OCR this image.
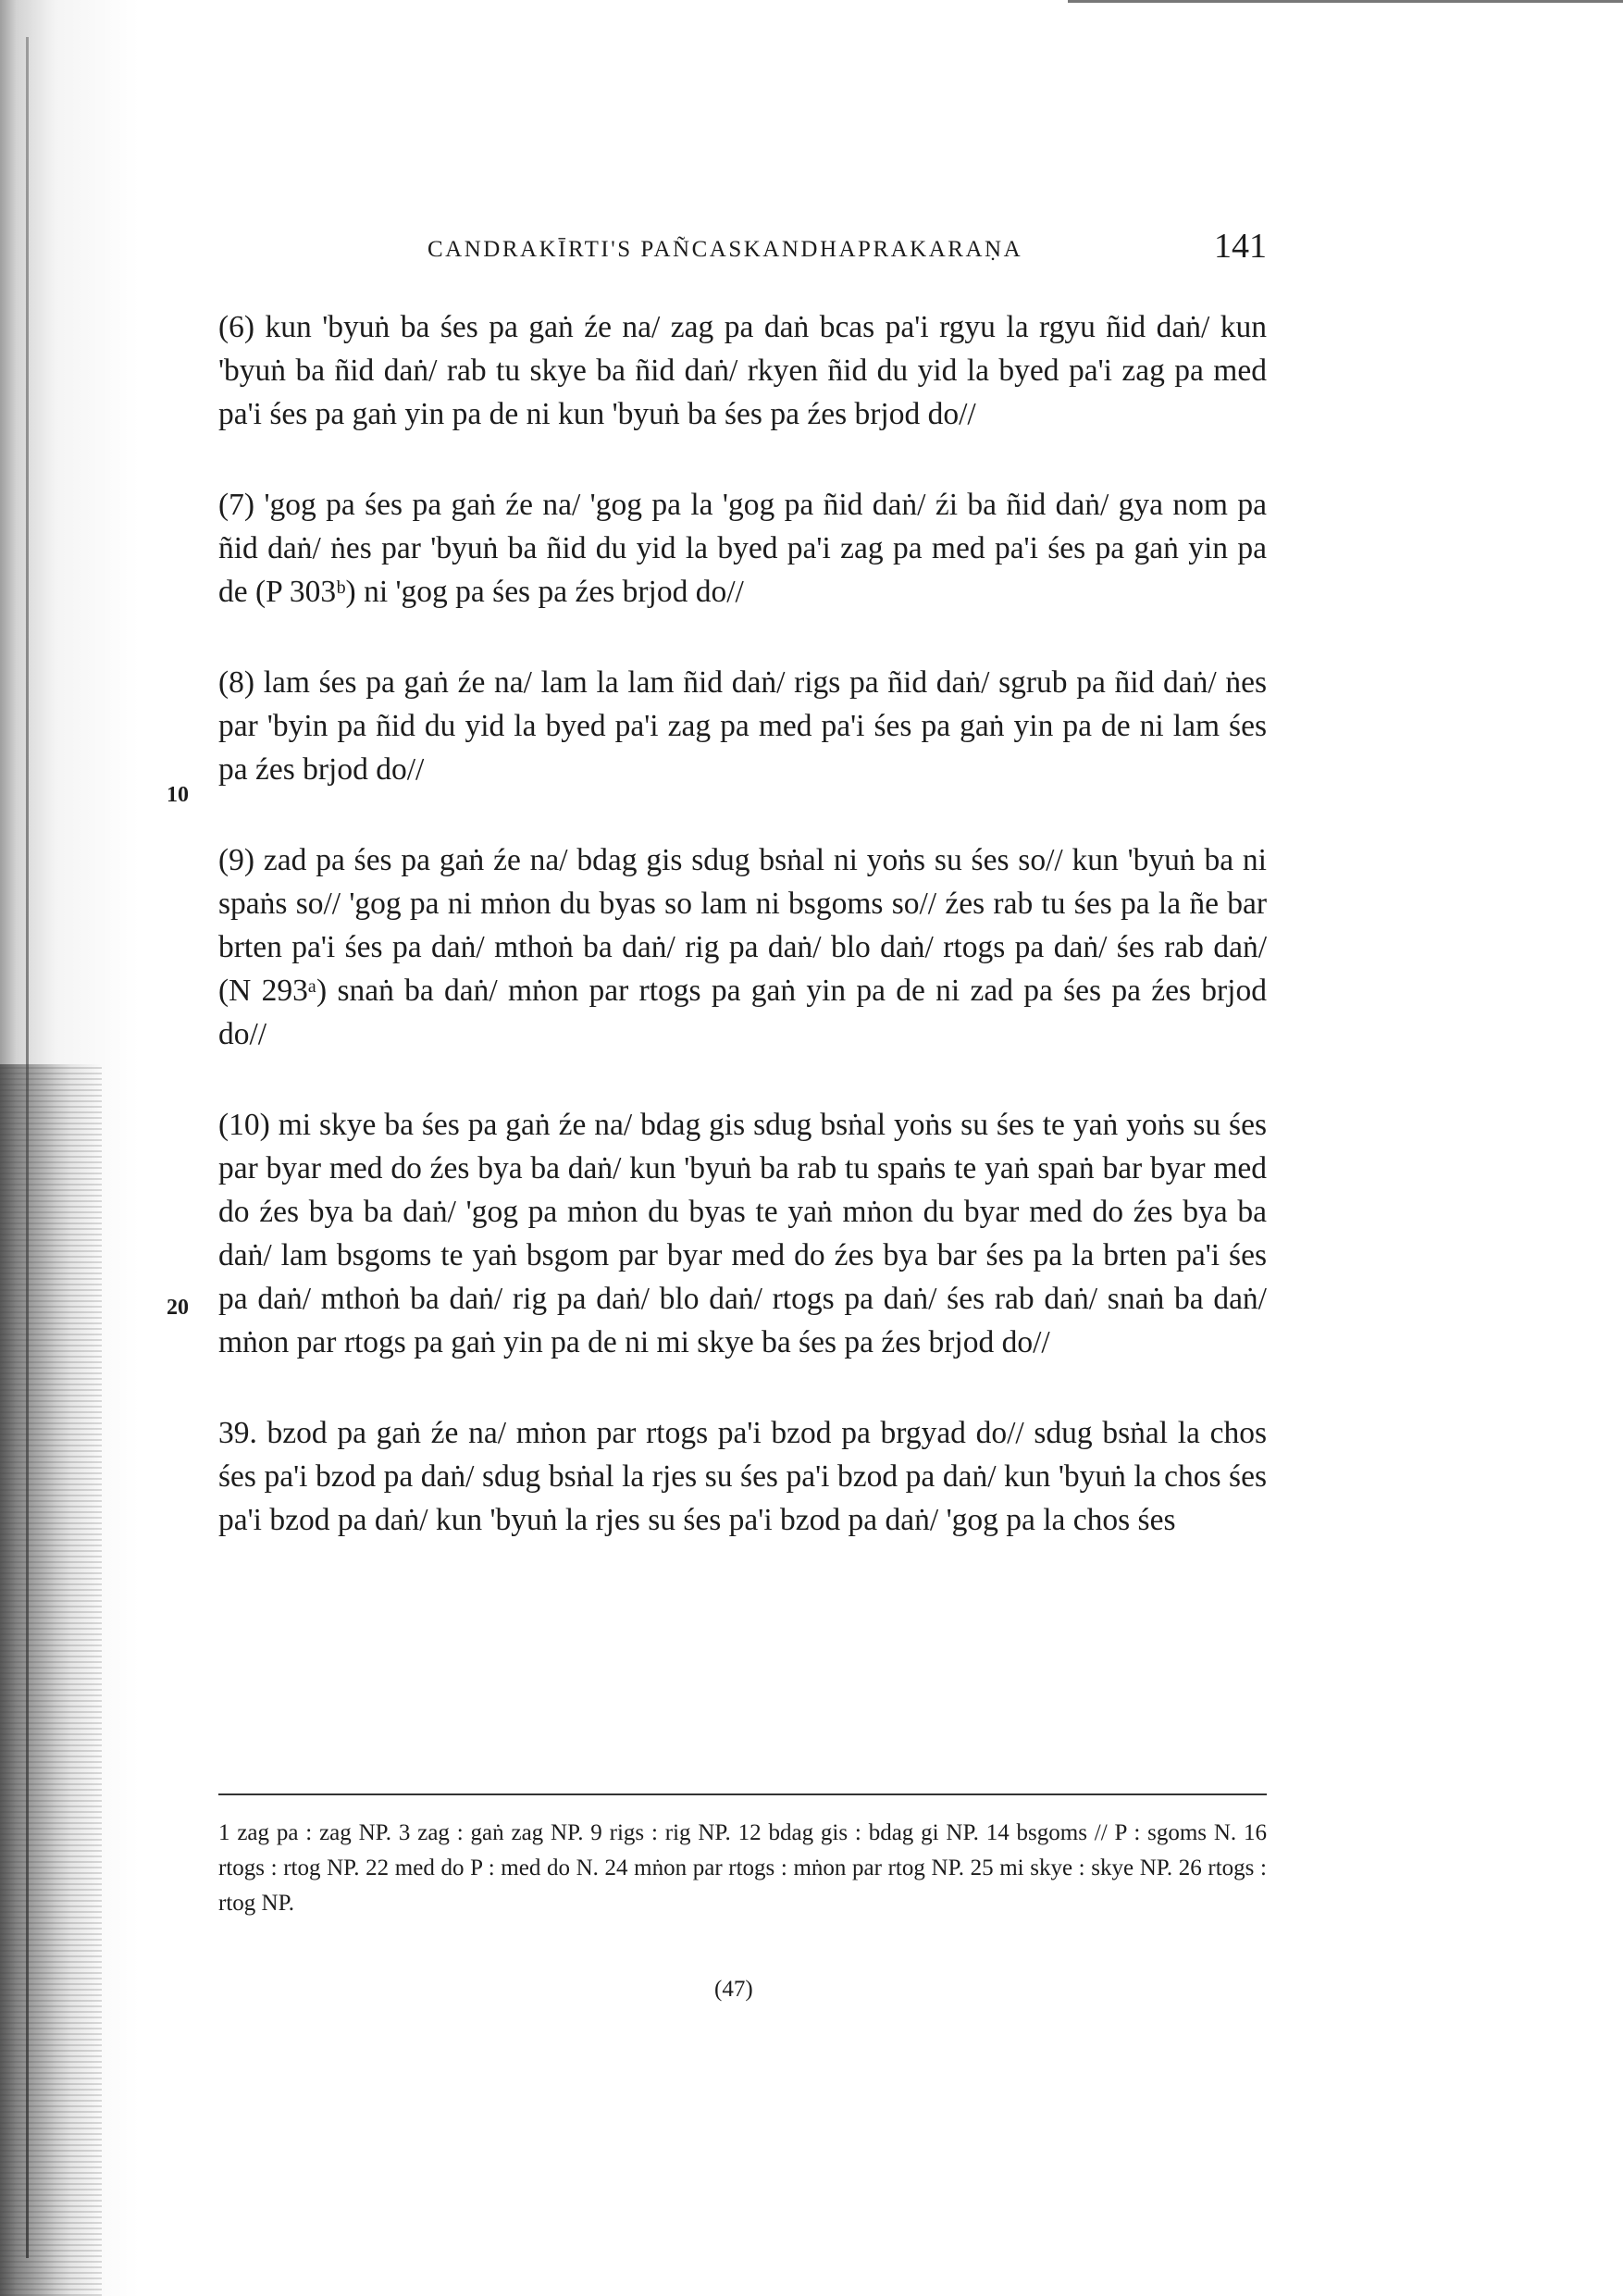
CANDRAKĪRTI'S PAÑCASKANDHAPRAKARAṆA	141

(6) kun 'byuṅ ba śes pa gaṅ źe na/ zag pa daṅ bcas pa'i rgyu la rgyu ñid daṅ/ kun 'byuṅ ba ñid daṅ/ rab tu skye ba ñid daṅ/ rkyen ñid du yid la byed pa'i zag pa med pa'i śes pa gaṅ yin pa de ni kun 'byuṅ ba śes pa źes brjod do//

(7) 'gog pa śes pa gaṅ źe na/ 'gog pa la 'gog pa ñid daṅ/ źi ba ñid daṅ/ gya nom pa ñid daṅ/ ṅes par 'byuṅ ba ñid du yid la byed pa'i zag pa med pa'i śes pa gaṅ yin pa de (P 303ᵇ) ni 'gog pa śes pa źes brjod do//

(8) lam śes pa gaṅ źe na/ lam la lam ñid daṅ/ rigs pa ñid daṅ/ sgrub pa ñid daṅ/ ṅes par 'byin pa ñid du yid la byed pa'i zag pa med pa'i śes pa gaṅ yin pa de ni lam śes pa źes brjod do//

(9) zad pa śes pa gaṅ źe na/ bdag gis sdug bsṅal ni yoṅs su śes so// kun 'byuṅ ba ni spaṅs so// 'gog pa ni mṅon du byas so lam ni bsgoms so// źes rab tu śes pa la ñe bar brten pa'i śes pa daṅ/ mthoṅ ba daṅ/ rig pa daṅ/ blo daṅ/ rtogs pa daṅ/ śes rab daṅ/ (N 293ᵃ) snaṅ ba daṅ/ mṅon par rtogs pa gaṅ yin pa de ni zad pa śes pa źes brjod do//

(10) mi skye ba śes pa gaṅ źe na/ bdag gis sdug bsṅal yoṅs su śes te yaṅ yoṅs su śes par byar med do źes bya ba daṅ/ kun 'byuṅ ba rab tu spaṅs te yaṅ spaṅ bar byar med do źes bya ba daṅ/ 'gog pa mṅon du byas te yaṅ mṅon du byar med do źes bya ba daṅ/ lam bsgoms te yaṅ bsgom par byar med do źes bya bar śes pa la brten pa'i śes pa daṅ/ mthoṅ ba daṅ/ rig pa daṅ/ blo daṅ/ rtogs pa daṅ/ śes rab daṅ/ snaṅ ba daṅ/ mṅon par rtogs pa gaṅ yin pa de ni mi skye ba śes pa źes brjod do//

39. bzod pa gaṅ źe na/ mṅon par rtogs pa'i bzod pa brgyad do// sdug bsṅal la chos śes pa'i bzod pa daṅ/ sdug bsṅal la rjes su śes pa'i bzod pa daṅ/ kun 'byuṅ la chos śes pa'i bzod pa daṅ/ kun 'byuṅ la rjes su śes pa'i bzod pa daṅ/ 'gog pa la chos śes

10
20
1 zag pa : zag NP. 3 zag : gaṅ zag NP. 9 rigs : rig NP. 12 bdag gis : bdag gi NP. 14 bsgoms // P : sgoms N. 16 rtogs : rtog NP. 22 med do P : med do N. 24 mṅon par rtogs : mṅon par rtog NP. 25 mi skye : skye NP. 26 rtogs : rtog NP.
(47)
